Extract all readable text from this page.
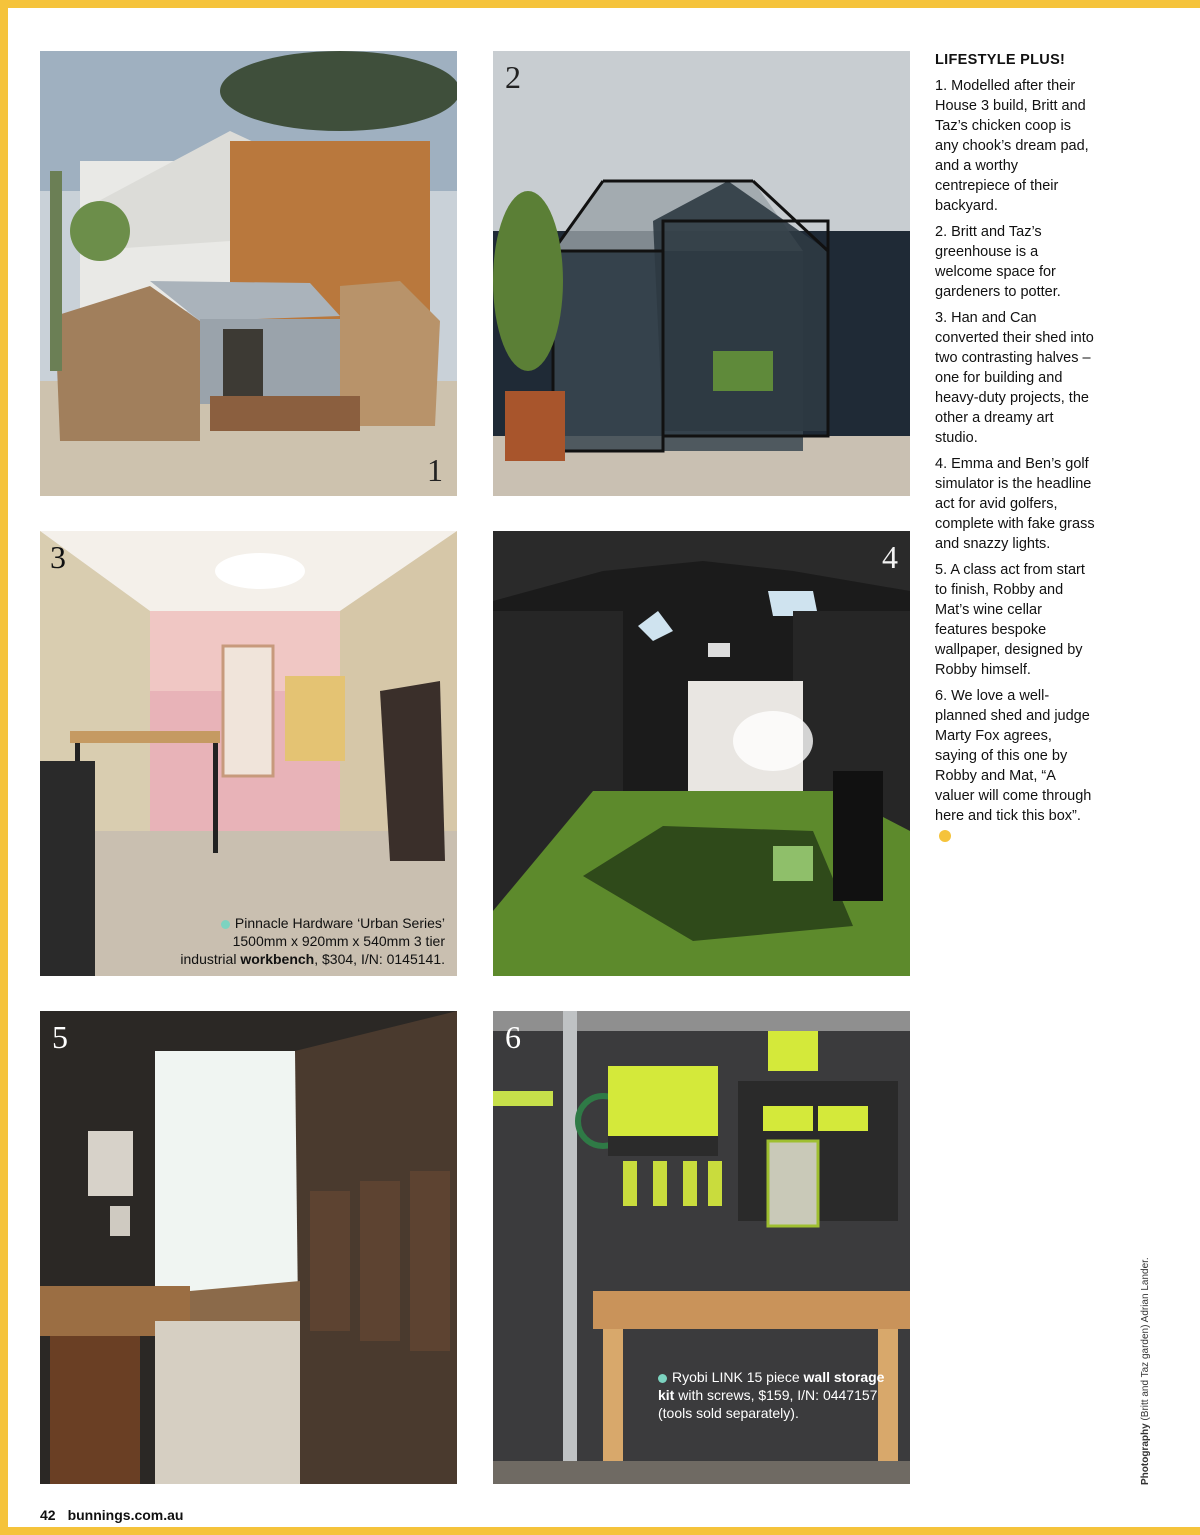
1
2
3
Pinnacle Hardware ‘Urban Series’
1500mm x 920mm x 540mm 3 tier
industrial workbench, $304, I/N: 0145141.
4
5	6
Ryobi LINK 15 piece wall storage
kit with screws, $159, I/N: 0447157
(tools sold separately).
LIFESTYLE PLUS!

1. Modelled after their House 3 build, Britt and Taz’s chicken coop is any chook’s dream pad, and a worthy centrepiece of their backyard.

2. Britt and Taz’s greenhouse is a welcome space for gardeners to potter.

3. Han and Can converted their shed into two contrasting halves – one for building and heavy-duty projects, the other a dreamy art studio.

4. Emma and Ben’s golf simulator is the headline act for avid golfers, complete with fake grass and snazzy lights.

5. A class act from start to finish, Robby and Mat’s wine cellar features bespoke wallpaper, designed by Robby himself.

6. We love a well-planned shed and judge Marty Fox agrees, saying of this one by Robby and Mat, “A valuer will come through here and tick this box”.

Photography (Britt and Taz garden) Adrian Lander.
42 bunnings.com.au
